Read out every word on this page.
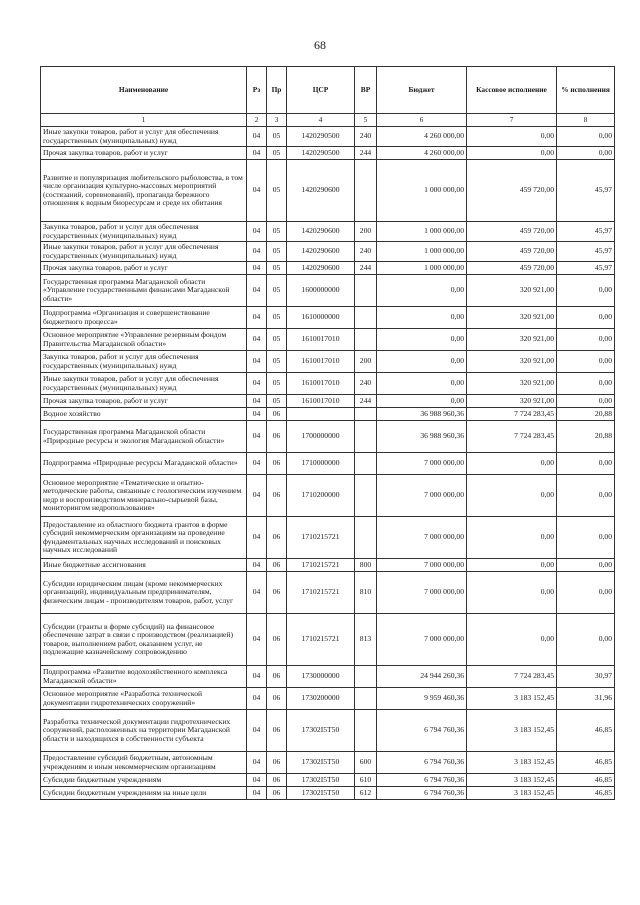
68
Наименование	Рз	Пр	ЦСР	ВР	Бюджет	Кассовое исполнение	% исполнения
1	2	3	4	5	6	7	8
Иные закупки товаров, работ и услуг для обеспечения государственных (муниципальных) нужд	04	05	1420290500	240	4 260 000,00	0,00	0,00
Прочая закупка товаров, работ и услуг	04	05	1420290500	244	4 260 000,00	0,00	0,00
Развитие и популяризация любительского рыболовства, в том числе организация культурно-массовых мероприятий (состязаний, соревнований), пропаганда бережного отношения к водным биоресурсам и среде их обитания	04	05	1420290600		1 000 000,00	459 720,00	45,97
Закупка товаров, работ и услуг для обеспечения государственных (муниципальных) нужд	04	05	1420290600	200	1 000 000,00	459 720,00	45,97
Иные закупки товаров, работ и услуг для обеспечения государственных (муниципальных) нужд	04	05	1420290600	240	1 000 000,00	459 720,00	45,97
Прочая закупка товаров, работ и услуг	04	05	1420290600	244	1 000 000,00	459 720,00	45,97
Государственная программа Магаданской области «Управление государственными финансами Магаданской области»	04	05	1600000000		0,00	320 921,00	0,00
Подпрограмма «Организация и совершенствование бюджетного процесса»	04	05	1610000000		0,00	320 921,00	0,00
Основное мероприятие «Управление резервным фондом Правительства Магаданской области»	04	05	1610017010		0,00	320 921,00	0,00
Закупка товаров, работ и услуг для обеспечения государственных (муниципальных) нужд	04	05	1610017010	200	0,00	320 921,00	0,00
Иные закупки товаров, работ и услуг для обеспечения государственных (муниципальных) нужд	04	05	1610017010	240	0,00	320 921,00	0,00
Прочая закупка товаров, работ и услуг	04	05	1610017010	244	0,00	320 921,00	0,00
Водное хозяйство	04	06			36 988 960,36	7 724 283,45	20,88
Государственная программа Магаданской области «Природные ресурсы и экология Магаданской области»	04	06	1700000000		36 988 960,36	7 724 283,45	20,88
Подпрограмма «Природные ресурсы Магаданской области»	04	06	1710000000		7 000 000,00	0,00	0,00
Основное мероприятие «Тематические и опытно-методические работы, связанные с геологическим изучением недр и воспроизводством минерально-сырьевой базы, мониторингом недропользования»	04	06	1710200000		7 000 000,00	0,00	0,00
Предоставление из областного бюджета грантов в форме субсидий некоммерческим организациям на проведение фундаментальных научных исследований и поисковых научных исследований	04	06	1710215721		7 000 000,00	0,00	0,00
Иные бюджетные ассигнования	04	06	1710215721	800	7 000 000,00	0,00	0,00
Субсидии юридическим лицам (кроме некоммерческих организаций), индивидуальным предпринимателям, физическим лицам - производителям товаров, работ, услуг	04	06	1710215721	810	7 000 000,00	0,00	0,00
Субсидии (гранты в форме субсидий) на финансовое обеспечение затрат в связи с производством (реализацией) товаров, выполнением работ, оказанием услуг, не подлежащие казначейскому сопровождению	04	06	1710215721	813	7 000 000,00	0,00	0,00
Подпрограмма «Развитие водохозяйственного комплекса Магаданской области»	04	06	1730000000		24 944 260,36	7 724 283,45	30,97
Основное мероприятие «Разработка технической документации гидротехнических сооружений»	04	06	1730200000		9 959 460,36	3 183 152,45	31,96
Разработка технической документации гидротехнических сооружений, расположенных на территории Магаданской области и находящихся в собственности субъекта	04	06	17302I5T50		6 794 760,36	3 183 152,45	46,85
Предоставление субсидий бюджетным, автономным учреждениям и иным некоммерческим организациям	04	06	17302I5T50	600	6 794 760,36	3 183 152,45	46,85
Субсидии бюджетным учреждениям	04	06	17302I5T50	610	6 794 760,36	3 183 152,45	46,85
Субсидии бюджетным учреждениям на иные цели	04	06	17302I5T50	612	6 794 760,36	3 183 152,45	46,85
